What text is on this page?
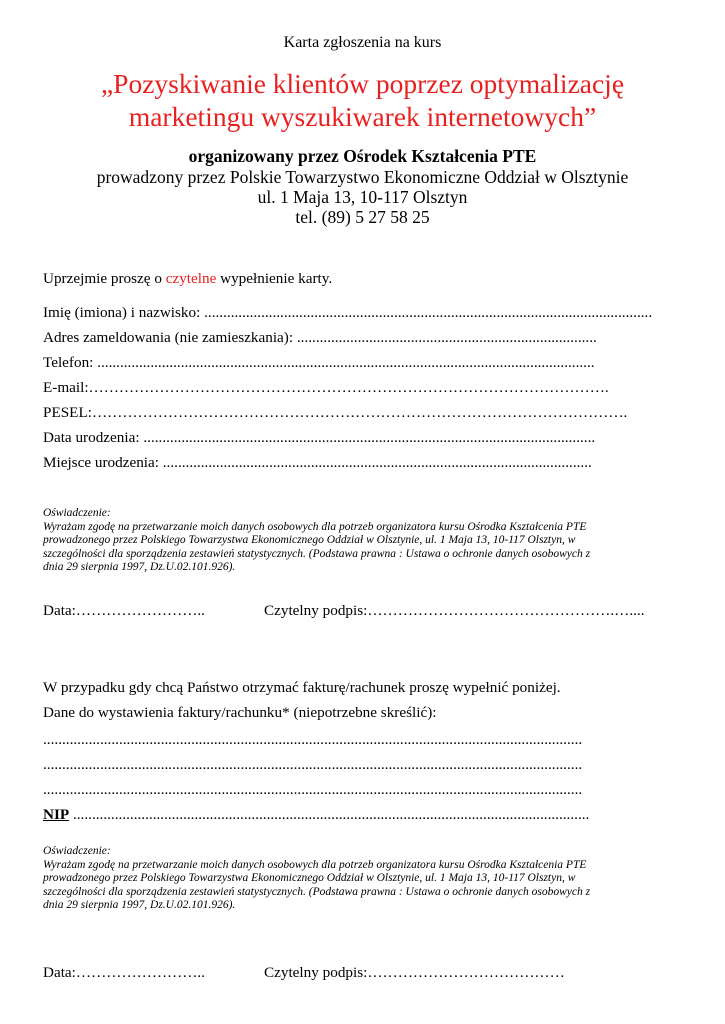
Karta zgłoszenia na kurs
„Pozyskiwanie klientów poprzez optymalizację
marketingu wyszukiwarek internetowych”
organizowany przez Ośrodek Kształcenia PTE
prowadzony przez Polskie Towarzystwo Ekonomiczne Oddział w Olsztynie
ul. 1 Maja 13, 10-117 Olsztyn
tel. (89) 5 27 58 25
Uprzejmie proszę o czytelne wypełnienie karty.
Imię (imiona) i nazwisko: ......................................................................................................................
Adres zameldowania (nie zamieszkania): ...............................................................................
Telefon: ...................................................................................................................................
E-mail:………………………………………………………………………………………….
PESEL:…………………………………………………………………………………………….
Data urodzenia: .......................................................................................................................
Miejsce urodzenia: .................................................................................................................
Oświadczenie:
Wyrażam zgodę na przetwarzanie moich danych osobowych dla potrzeb organizatora kursu Ośrodka Kształcenia PTE
prowadzonego przez Polskiego Towarzystwa Ekonomicznego Oddział w Olsztynie, ul. 1 Maja 13, 10-117 Olsztyn, w
szczególności dla sporządzenia zestawień statystycznych. (Podstawa prawna : Ustawa o ochronie danych osobowych z
dnia 29 sierpnia 1997, Dz.U.02.101.926).
Data:……………………..	Czytelny podpis:………………………………………….…....
W przypadku gdy chcą Państwo otrzymać fakturę/rachunek proszę wypełnić poniżej.
Dane do wystawienia faktury/rachunku* (niepotrzebne skreślić):
..............................................................................................................................................
..............................................................................................................................................
..............................................................................................................................................
NIP ........................................................................................................................................
Oświadczenie:
Wyrażam zgodę na przetwarzanie moich danych osobowych dla potrzeb organizatora kursu Ośrodka Kształcenia PTE
prowadzonego przez Polskiego Towarzystwa Ekonomicznego Oddział w Olsztynie, ul. 1 Maja 13, 10-117 Olsztyn, w
szczególności dla sporządzenia zestawień statystycznych. (Podstawa prawna : Ustawa o ochronie danych osobowych z
dnia 29 sierpnia 1997, Dz.U.02.101.926).
Data:……………………..	Czytelny podpis:…………………………………
